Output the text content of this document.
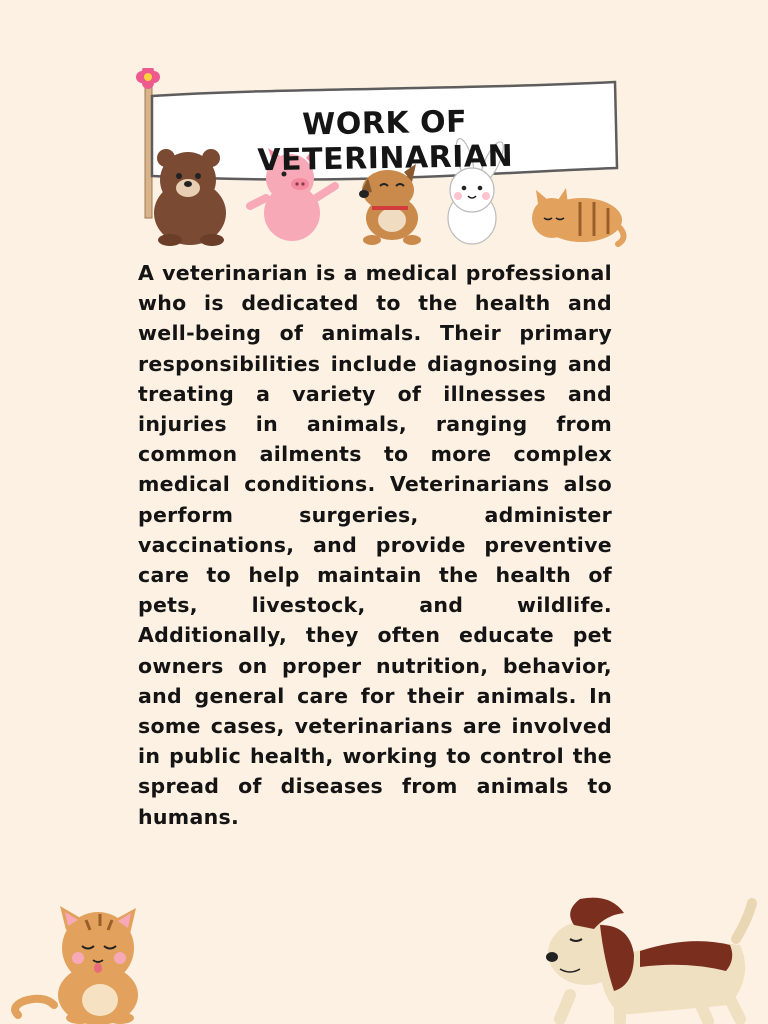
WORK OF VETERINARIAN

A veterinarian is a medical professional who is dedicated to the health and well-being of animals. Their primary responsibilities include diagnosing and treating a variety of illnesses and injuries in animals, ranging from common ailments to more complex medical conditions. Veterinarians also perform surgeries, administer vaccinations, and provide preventive care to help maintain the health of pets, livestock, and wildlife. Additionally, they often educate pet owners on proper nutrition, behavior, and general care for their animals. In some cases, veterinarians are involved in public health, working to control the spread of diseases from animals to humans.
